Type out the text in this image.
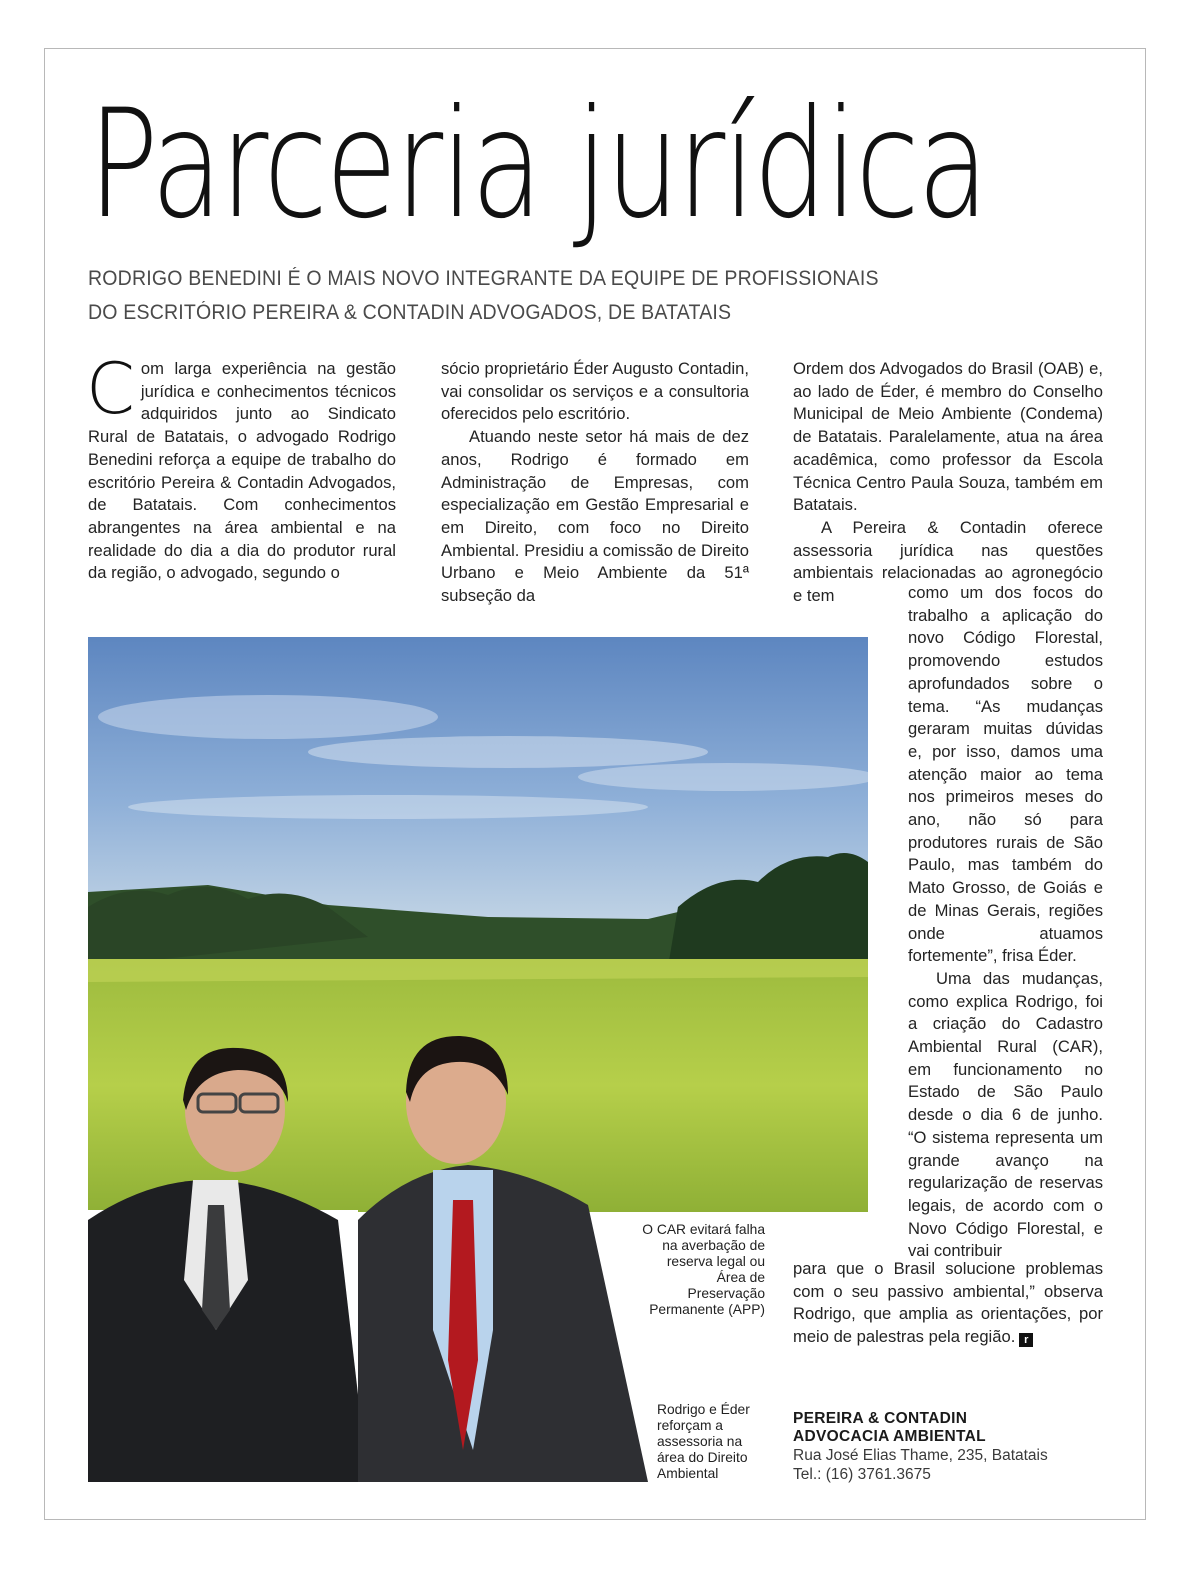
Parceria jurídica
RODRIGO BENEDINI É O MAIS NOVO INTEGRANTE DA EQUIPE DE PROFISSIONAIS
DO ESCRITÓRIO PEREIRA & CONTADIN ADVOGADOS, DE BATATAIS

Com larga experiência na gestão jurídica e conhecimentos técnicos adquiridos junto ao Sindicato Rural de Batatais, o advogado Rodrigo Benedini reforça a equipe de trabalho do escritório Pereira & Contadin Advogados, de Batatais. Com conhecimentos abrangentes na área ambiental e na realidade do dia a dia do produtor rural da região, o advogado, segundo o

sócio proprietário Éder Augusto Contadin, vai consolidar os serviços e a consultoria oferecidos pelo escritório.

Atuando neste setor há mais de dez anos, Rodrigo é formado em Administração de Empresas, com especialização em Gestão Empresarial e em Direito, com foco no Direito Ambiental. Presidiu a comissão de Direito Urbano e Meio Ambiente da 51ª subseção da

Ordem dos Advogados do Brasil (OAB) e, ao lado de Éder, é membro do Conselho Municipal de Meio Ambiente (Condema) de Batatais. Paralelamente, atua na área acadêmica, como professor da Escola Técnica Centro Paula Souza, também em Batatais.

A Pereira & Contadin oferece assessoria jurídica nas questões ambientais relacionadas ao agronegócio e tem	como um dos focos do trabalho a aplicação do novo Código Florestal, promovendo estudos aprofundados sobre o tema. “As mudanças geraram muitas dúvidas e, por isso, damos uma atenção maior ao tema nos primeiros meses do ano, não só para produtores rurais de São Paulo, mas também do Mato Grosso, de Goiás e de Minas Gerais, regiões onde atuamos fortemente”, frisa Éder.

Uma das mudanças, como explica Rodrigo, foi a criação do Cadastro Ambiental Rural (CAR), em funcionamento no Estado de São Paulo desde o dia 6 de junho. “O sistema representa um grande avanço na regularização de reservas legais, de acordo com o Novo Código Florestal, e vai contribuir

para que o Brasil solucione problemas com o seu passivo ambiental,” observa Rodrigo, que amplia as orientações, por meio de palestras pela região. r

O CAR evitará falha na averbação de reserva legal ou Área de Preservação Permanente (APP)
Rodrigo e Éder reforçam a assessoria na área do Direito Ambiental
PEREIRA & CONTADIN
ADVOCACIA AMBIENTAL
Rua José Elias Thame, 235, Batatais
Tel.: (16) 3761.3675
